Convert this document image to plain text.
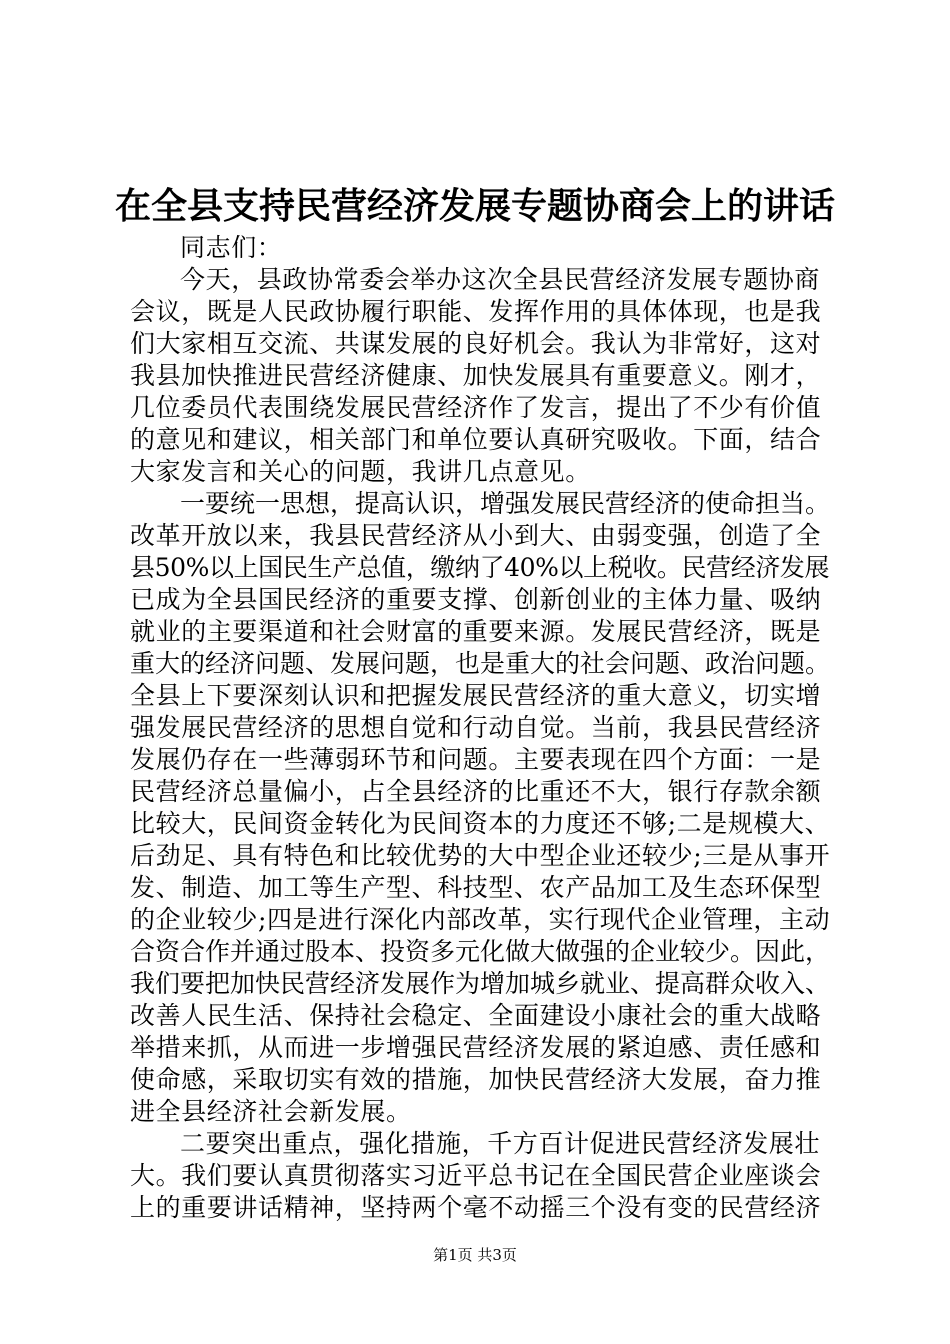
在全县支持民营经济发展专题协商会上的讲话
同志们：
今天，县政协常委会举办这次全县民营经济发展专题协商
会议，既是人民政协履行职能、发挥作用的具体体现，也是我
们大家相互交流、共谋发展的良好机会。我认为非常好，这对
我县加快推进民营经济健康、加快发展具有重要意义。刚才，
几位委员代表围绕发展民营经济作了发言，提出了不少有价值
的意见和建议，相关部门和单位要认真研究吸收。下面，结合
大家发言和关心的问题，我讲几点意见。
一要统一思想，提高认识，增强发展民营经济的使命担当。
改革开放以来，我县民营经济从小到大、由弱变强，创造了全
县50%以上国民生产总值，缴纳了40%以上税收。民营经济发展
已成为全县国民经济的重要支撑、创新创业的主体力量、吸纳
就业的主要渠道和社会财富的重要来源。发展民营经济，既是
重大的经济问题、发展问题，也是重大的社会问题、政治问题。
全县上下要深刻认识和把握发展民营经济的重大意义，切实增
强发展民营经济的思想自觉和行动自觉。当前，我县民营经济
发展仍存在一些薄弱环节和问题。主要表现在四个方面：一是
民营经济总量偏小，占全县经济的比重还不大，银行存款余额
比较大，民间资金转化为民间资本的力度还不够;二是规模大、
后劲足、具有特色和比较优势的大中型企业还较少;三是从事开
发、制造、加工等生产型、科技型、农产品加工及生态环保型
的企业较少;四是进行深化内部改革，实行现代企业管理，主动
合资合作并通过股本、投资多元化做大做强的企业较少。因此，
我们要把加快民营经济发展作为增加城乡就业、提高群众收入、
改善人民生活、保持社会稳定、全面建设小康社会的重大战略
举措来抓，从而进一步增强民营经济发展的紧迫感、责任感和
使命感，采取切实有效的措施，加快民营经济大发展，奋力推
进全县经济社会新发展。
二要突出重点，强化措施，千方百计促进民营经济发展壮
大。我们要认真贯彻落实习近平总书记在全国民营企业座谈会
上的重要讲话精神，坚持两个毫不动摇三个没有变的民营经济
第1页 共3页
